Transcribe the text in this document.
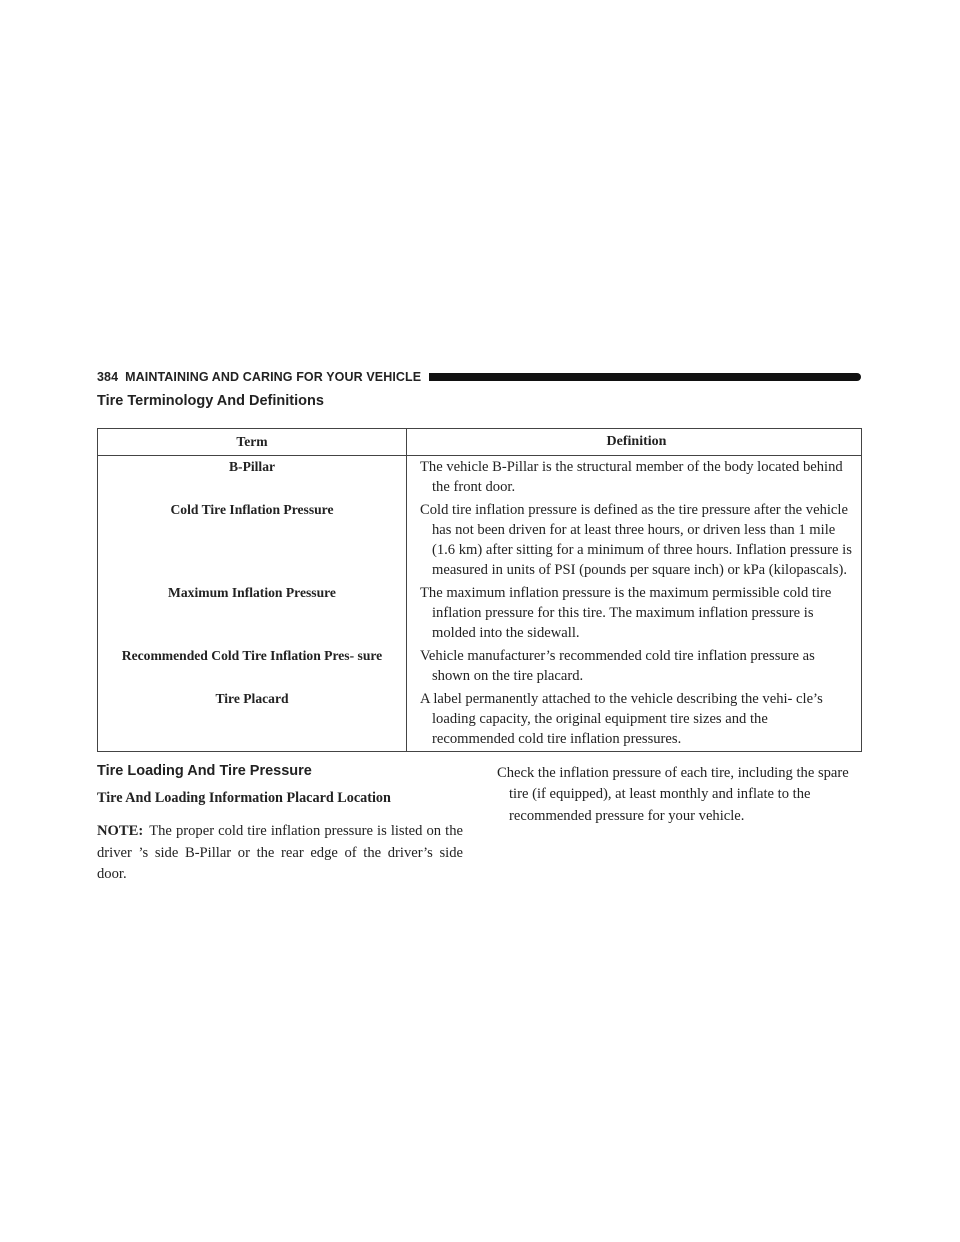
384 MAINTAINING AND CARING FOR YOUR VEHICLE
Tire Terminology And Definitions
Term	Definition
B-Pillar	The vehicle B-Pillar is the structural member of the body located behind the front door.
Cold Tire Inflation Pressure	Cold tire inflation pressure is defined as the tire pressure after the vehicle has not been driven for at least three hours, or driven less than 1 mile (1.6 km) after sitting for a minimum of three hours. Inflation pressure is measured in units of PSI (pounds per square inch) or kPa (kilopascals).
Maximum Inflation Pressure	The maximum inflation pressure is the maximum permissible cold tire inflation pressure for this tire. The maximum inflation pressure is molded into the sidewall.
Recommended Cold Tire Inflation Pres- sure	Vehicle manufacturer’s recommended cold tire inflation pressure as shown on the tire placard.
Tire Placard	A label permanently attached to the vehicle describing the vehi- cle’s loading capacity, the original equipment tire sizes and the recommended cold tire inflation pressures.
Tire Loading And Tire Pressure
Tire And Loading Information Placard Location

NOTE: The proper cold tire inflation pressure is listed on the driver ’s side B-Pillar or the rear edge of the driver’s side door.

Check the inflation pressure of each tire, including the spare tire (if equipped), at least monthly and inflate to the recommended pressure for your vehicle.
